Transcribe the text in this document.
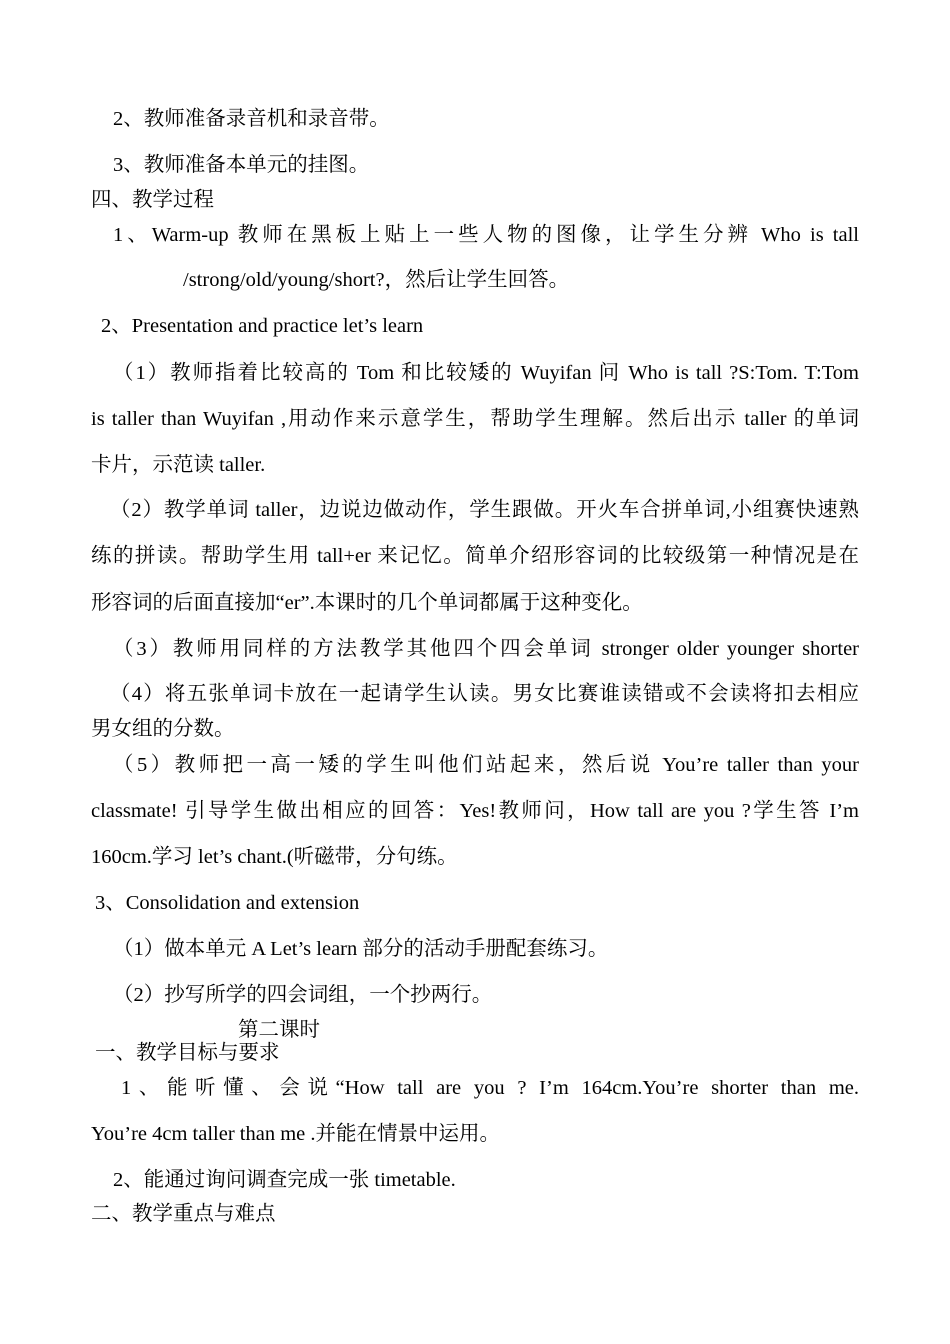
2、教师准备录音机和录音带。
3、教师准备本单元的挂图。
四、教学过程
1、Warm-up 教师在黑板上贴上一些人物的图像，让学生分辨 Who is tall
/strong/old/young/short?，然后让学生回答。
2、Presentation and practice let’s learn
（1）教师指着比较高的 Tom 和比较矮的 Wuyifan 问 Who is tall ?S:Tom. T:Tom
is taller than Wuyifan ,用动作来示意学生，帮助学生理解。然后出示 taller 的单词
卡片，示范读 taller.
（2）教学单词 taller，边说边做动作，学生跟做。开火车合拼单词,小组赛快速熟
练的拼读。帮助学生用 tall+er 来记忆。简单介绍形容词的比较级第一种情况是在
形容词的后面直接加“er”.本课时的几个单词都属于这种变化。
（3）教师用同样的方法教学其他四个四会单词 stronger older younger shorter
（4）将五张单词卡放在一起请学生认读。男女比赛谁读错或不会读将扣去相应
男女组的分数。
（5）教师把一高一矮的学生叫他们站起来，然后说 You’re taller than your
classmate! 引导学生做出相应的回答：Yes!教师问，How tall are you ?学生答 I’m
160cm.学习 let’s chant.(听磁带，分句练。
3、Consolidation and extension
（1）做本单元 A Let’s learn 部分的活动手册配套练习。
（2）抄写所学的四会词组，一个抄两行。
第二课时
一、教学目标与要求
1、能听懂、会说“How tall are you ? I’m 164cm.You’re shorter than me.
You’re 4cm taller than me .并能在情景中运用。
2、能通过询问调查完成一张 timetable.
二、教学重点与难点
